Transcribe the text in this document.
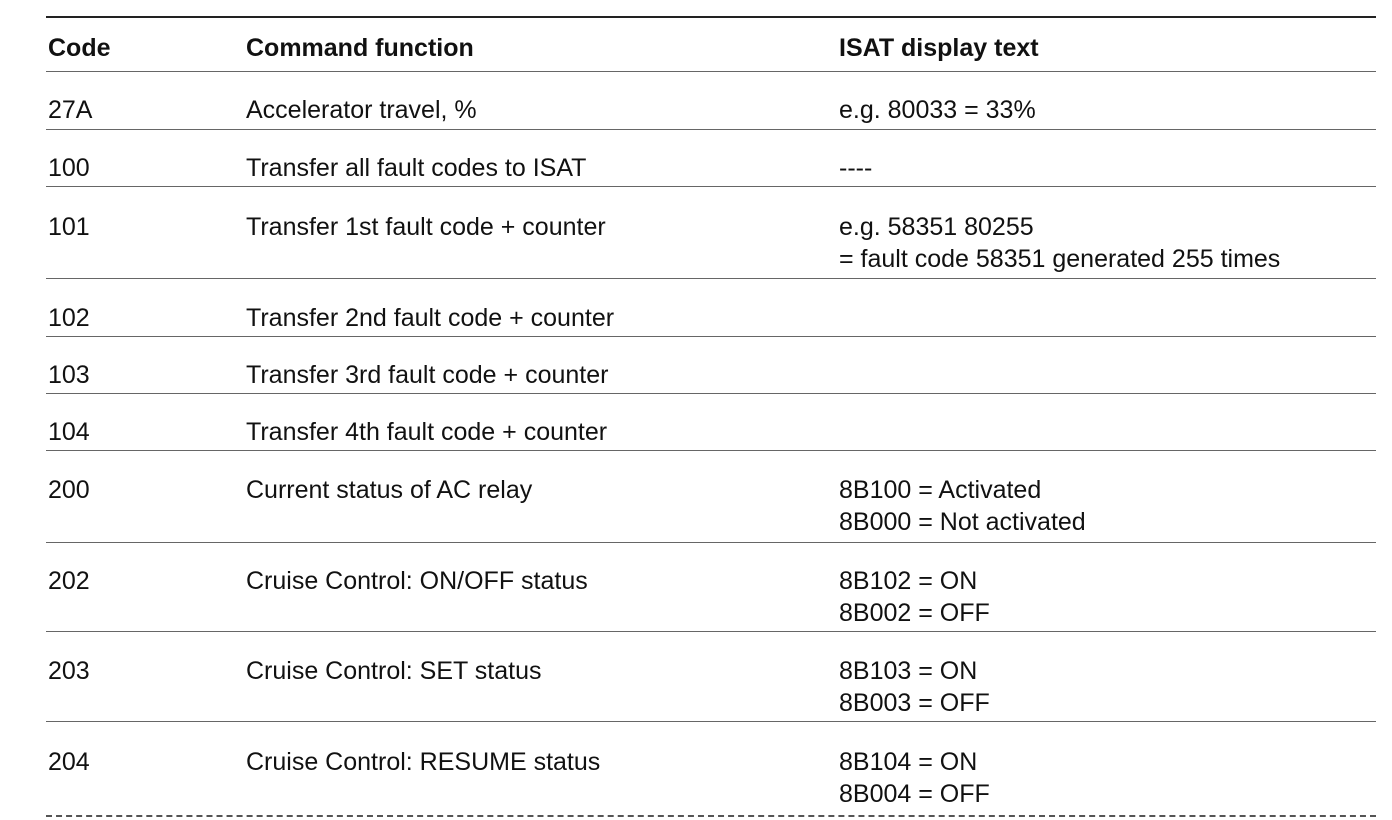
Code	Command function	ISAT display text
27A	Accelerator travel, %	e.g. 80033 = 33%
100	Transfer all fault codes to ISAT	----
101	Transfer 1st fault code + counter	e.g. 58351 80255
= fault code 58351 generated 255 times
102	Transfer 2nd fault code + counter
103	Transfer 3rd fault code + counter
104	Transfer 4th fault code + counter
200	Current status of AC relay	8B100 = Activated
8B000 = Not activated
202	Cruise Control: ON/OFF status	8B102 = ON
8B002 = OFF
203	Cruise Control: SET status	8B103 = ON
8B003 = OFF
204	Cruise Control: RESUME status	8B104 = ON
8B004 = OFF
